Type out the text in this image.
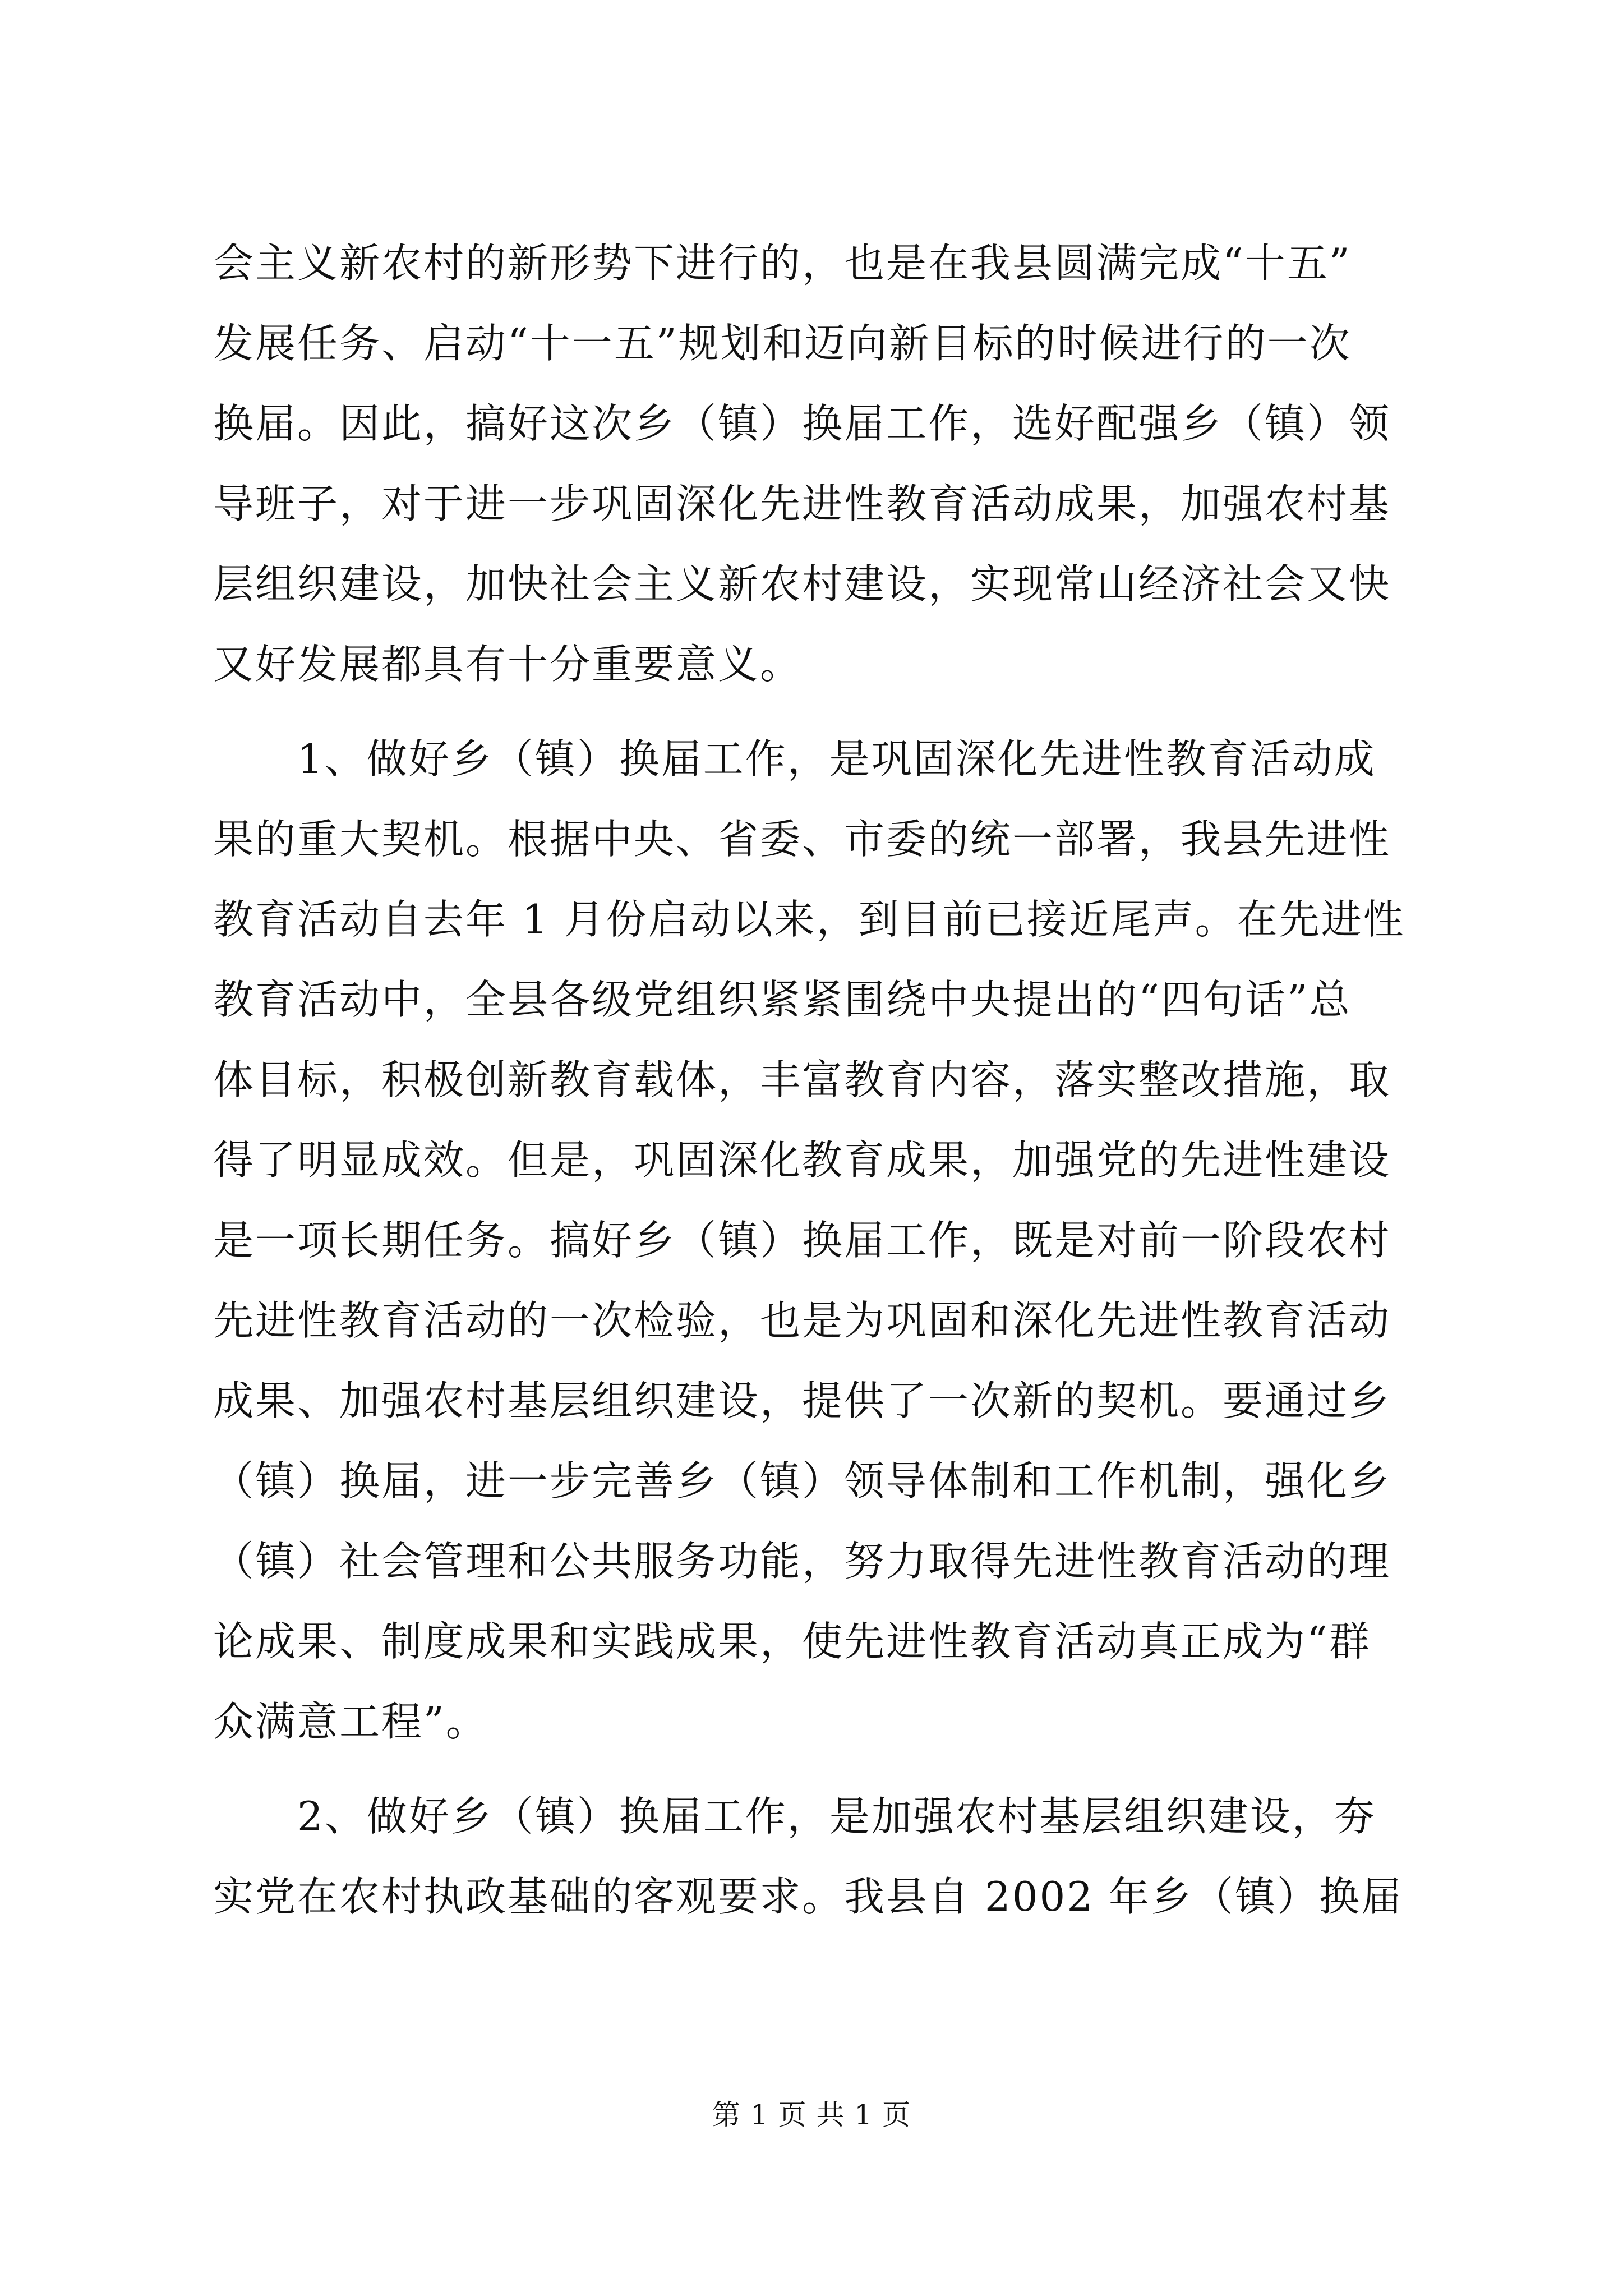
会主义新农村的新形势下进行的，也是在我县圆满完成“十五”
发展任务、启动“十一五”规划和迈向新目标的时候进行的一次
换届。因此，搞好这次乡（镇）换届工作，选好配强乡（镇）领
导班子，对于进一步巩固深化先进性教育活动成果，加强农村基
层组织建设，加快社会主义新农村建设，实现常山经济社会又快
又好发展都具有十分重要意义。
　　1、做好乡（镇）换届工作，是巩固深化先进性教育活动成
果的重大契机。根据中央、省委、市委的统一部署，我县先进性
教育活动自去年 1 月份启动以来，到目前已接近尾声。在先进性
教育活动中，全县各级党组织紧紧围绕中央提出的“四句话”总
体目标，积极创新教育载体，丰富教育内容，落实整改措施，取
得了明显成效。但是，巩固深化教育成果，加强党的先进性建设
是一项长期任务。搞好乡（镇）换届工作，既是对前一阶段农村
先进性教育活动的一次检验，也是为巩固和深化先进性教育活动
成果、加强农村基层组织建设，提供了一次新的契机。要通过乡
（镇）换届，进一步完善乡（镇）领导体制和工作机制，强化乡
（镇）社会管理和公共服务功能，努力取得先进性教育活动的理
论成果、制度成果和实践成果，使先进性教育活动真正成为“群
众满意工程”。
　　2、做好乡（镇）换届工作，是加强农村基层组织建设，夯
实党在农村执政基础的客观要求。我县自 2002 年乡（镇）换届
第 1 页 共 1 页
